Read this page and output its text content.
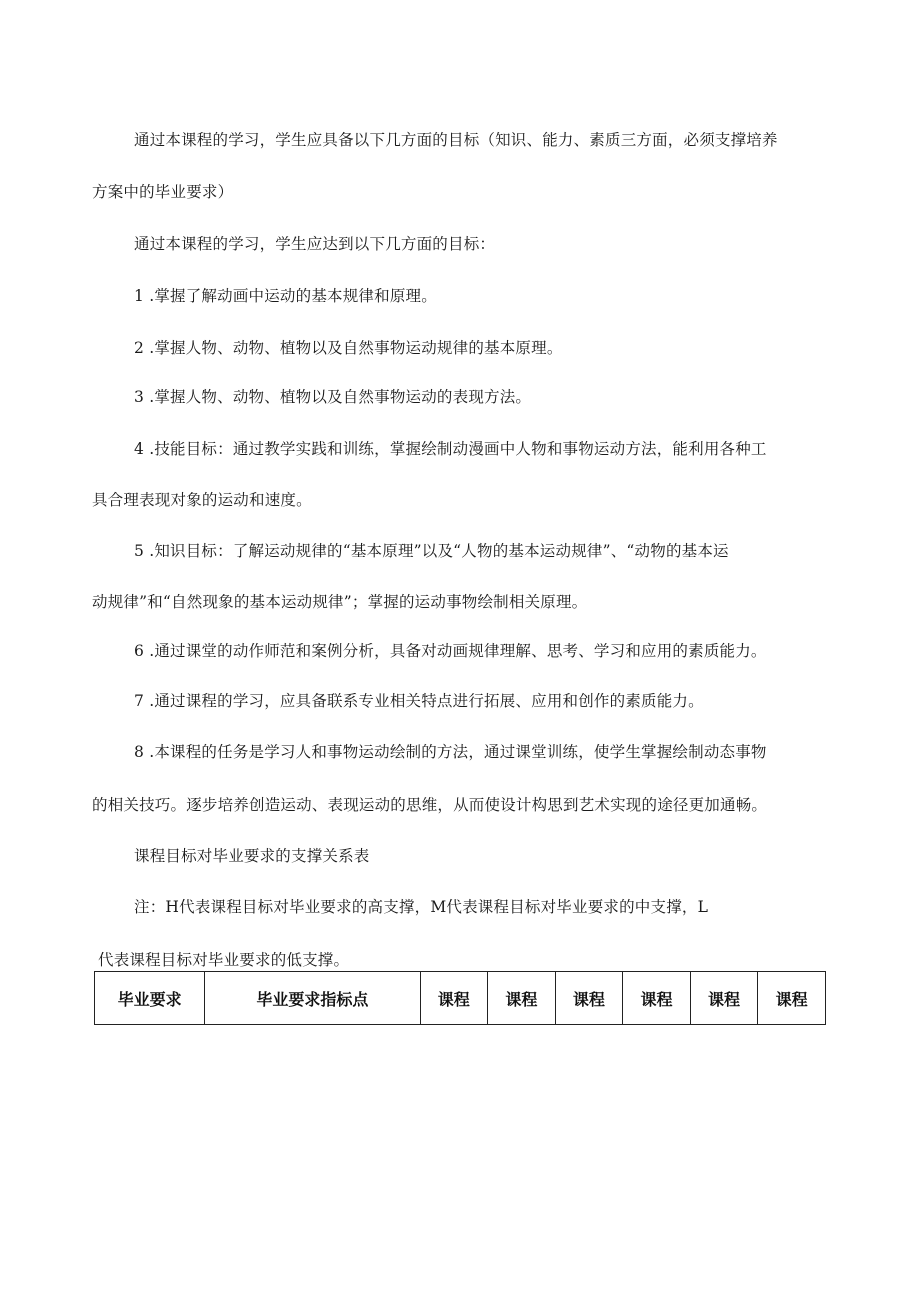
通过本课程的学习，学生应具备以下几方面的目标（知识、能力、素质三方面，必须支撑培养
方案中的毕业要求）
通过本课程的学习，学生应达到以下几方面的目标：
1 .掌握了解动画中运动的基本规律和原理。
2 .掌握人物、动物、植物以及自然事物运动规律的基本原理。
3 .掌握人物、动物、植物以及自然事物运动的表现方法。
4 .技能目标：通过教学实践和训练，掌握绘制动漫画中人物和事物运动方法，能利用各种工
具合理表现对象的运动和速度。
5 .知识目标：了解运动规律的“基本原理”以及“人物的基本运动规律”、“动物的基本运
动规律”和“自然现象的基本运动规律”；掌握的运动事物绘制相关原理。
6 .通过课堂的动作师范和案例分析，具备对动画规律理解、思考、学习和应用的素质能力。
7 .通过课程的学习，应具备联系专业相关特点进行拓展、应用和创作的素质能力。
8 .本课程的任务是学习人和事物运动绘制的方法，通过课堂训练，使学生掌握绘制动态事物
的相关技巧。逐步培养创造运动、表现运动的思维，从而使设计构思到艺术实现的途径更加通畅。
课程目标对毕业要求的支撑关系表
注：H代表课程目标对毕业要求的高支撑，M代表课程目标对毕业要求的中支撑，L
代表课程目标对毕业要求的低支撑。
毕业要求	毕业要求指标点	课程	课程	课程	课程	课程	课程
